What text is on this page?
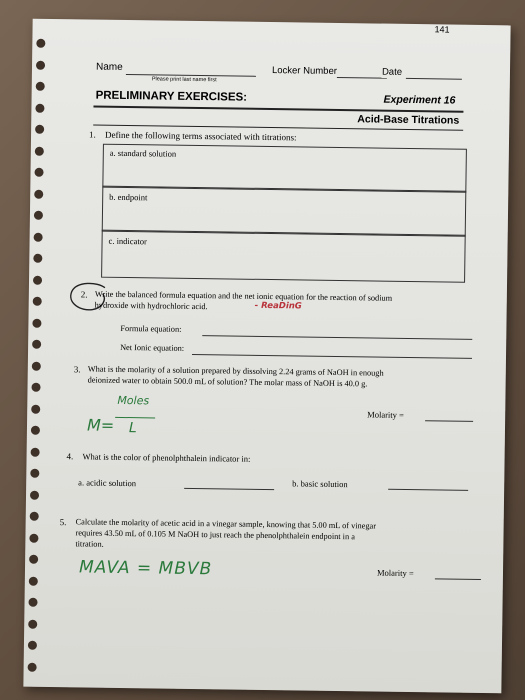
141
Name
Please print last name first
Locker Number	Date
PRELIMINARY EXERCISES:	Experiment 16
Acid-Base Titrations
1. Define the following terms associated with titrations:
a. standard solution
b. endpoint
c. indicator
2. Write the balanced formula equation and the net ionic equation for the reaction of sodium
hydroxide with hydrochloric acid.	- ReaDinG
Formula equation:
Net Ionic equation:
3. What is the molarity of a solution prepared by dissolving 2.24 grams of NaOH in enough
deionized water to obtain 500.0 mL of solution? The molar mass of NaOH is 40.0 g.
M=
Moles
L
Molarity =
4. What is the color of phenolphthalein indicator in:
a. acidic solution	b. basic solution
5. Calculate the molarity of acetic acid in a vinegar sample, knowing that 5.00 mL of vinegar
requires 43.50 mL of 0.105 M NaOH to just reach the phenolphthalein endpoint in a
titration.
MAVA = MBVB	Molarity =
